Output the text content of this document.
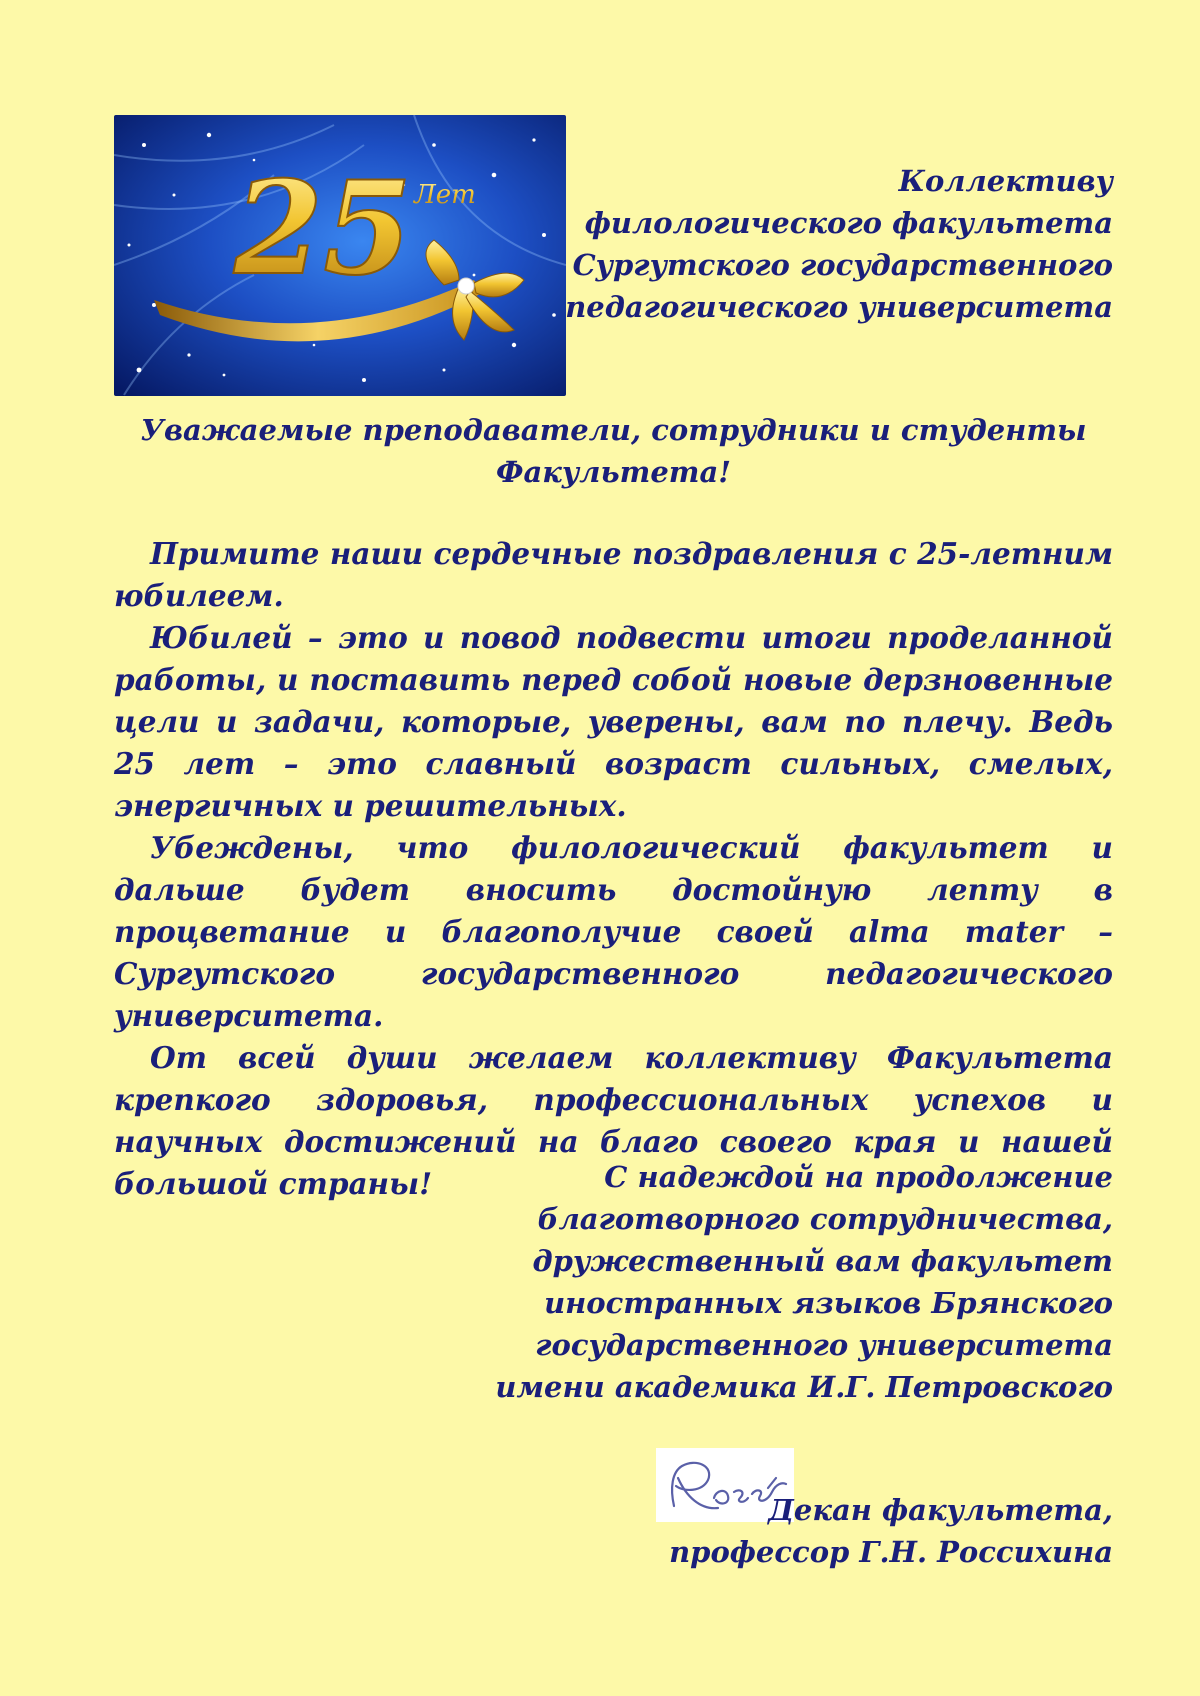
25 Лет	Коллективу
филологического факультета
Сургутского государственного
педагогического университета
Уважаемые преподаватели, сотрудники и студенты Факультета!

Примите наши сердечные поздравления с 25-летним юбилеем.

Юбилей – это и повод подвести итоги проделанной работы, и поставить перед собой новые дерзновенные цели и задачи, которые, уверены, вам по плечу. Ведь 25 лет – это славный возраст сильных, смелых, энергичных и решительных.

Убеждены, что филологический факультет и дальше будет вносить достойную лепту в процветание и благополучие своей alma mater – Сургутского государственного педагогического университета.

От всей души желаем коллективу Факультета крепкого здоровья, профессиональных успехов и научных достижений на благо своего края и нашей большой страны!	С надеждой на продолжение
благотворного сотрудничества,
дружественный вам факультет
иностранных языков Брянского
государственного университета
имени академика И.Г. Петровского
Декан факультета,
профессор Г.Н. Россихина
